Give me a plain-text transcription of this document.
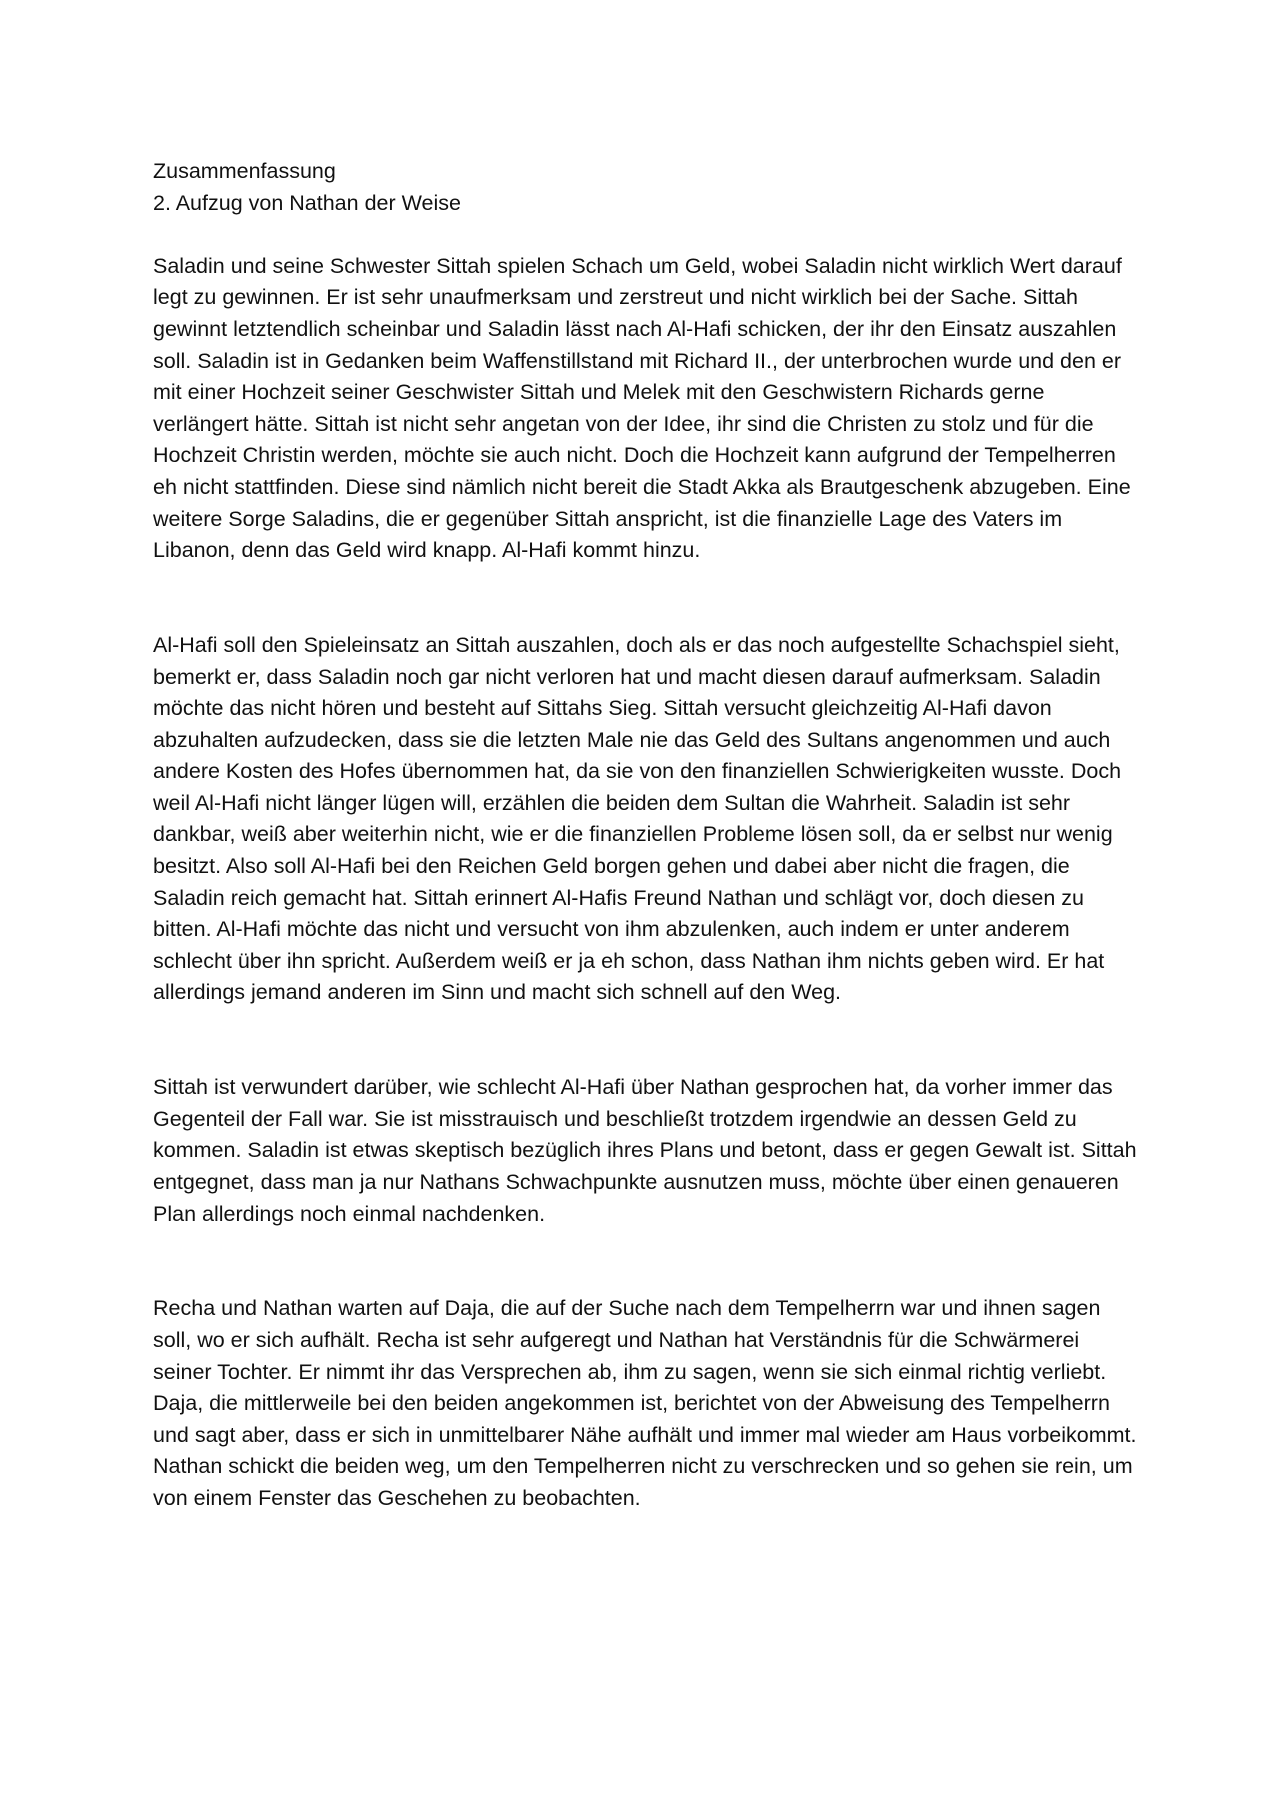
Zusammenfassung

2. Aufzug von Nathan der Weise

Saladin und seine Schwester Sittah spielen Schach um Geld, wobei Saladin nicht wirklich Wert darauf legt zu gewinnen. Er ist sehr unaufmerksam und zerstreut und nicht wirklich bei der Sache. Sittah gewinnt letztendlich scheinbar und Saladin lässt nach Al-Hafi schicken, der ihr den Einsatz auszahlen soll. Saladin ist in Gedanken beim Waffenstillstand mit Richard II., der unterbrochen wurde und den er mit einer Hochzeit seiner Geschwister Sittah und Melek mit den Geschwistern Richards gerne verlängert hätte. Sittah ist nicht sehr angetan von der Idee, ihr sind die Christen zu stolz und für die Hochzeit Christin werden, möchte sie auch nicht. Doch die Hochzeit kann aufgrund der Tempelherren eh nicht stattfinden. Diese sind nämlich nicht bereit die Stadt Akka als Brautgeschenk abzugeben. Eine weitere Sorge Saladins, die er gegenüber Sittah anspricht, ist die finanzielle Lage des Vaters im Libanon, denn das Geld wird knapp. Al-Hafi kommt hinzu.

Al-Hafi soll den Spieleinsatz an Sittah auszahlen, doch als er das noch aufgestellte Schachspiel sieht, bemerkt er, dass Saladin noch gar nicht verloren hat und macht diesen darauf aufmerksam. Saladin möchte das nicht hören und besteht auf Sittahs Sieg. Sittah versucht gleichzeitig Al-Hafi davon abzuhalten aufzudecken, dass sie die letzten Male nie das Geld des Sultans angenommen und auch andere Kosten des Hofes übernommen hat, da sie von den finanziellen Schwierigkeiten wusste. Doch weil Al-Hafi nicht länger lügen will, erzählen die beiden dem Sultan die Wahrheit. Saladin ist sehr dankbar, weiß aber weiterhin nicht, wie er die finanziellen Probleme lösen soll, da er selbst nur wenig besitzt. Also soll Al-Hafi bei den Reichen Geld borgen gehen und dabei aber nicht die fragen, die Saladin reich gemacht hat. Sittah erinnert Al-Hafis Freund Nathan und schlägt vor, doch diesen zu bitten. Al-Hafi möchte das nicht und versucht von ihm abzulenken, auch indem er unter anderem schlecht über ihn spricht. Außerdem weiß er ja eh schon, dass Nathan ihm nichts geben wird. Er hat allerdings jemand anderen im Sinn und macht sich schnell auf den Weg.

Sittah ist verwundert darüber, wie schlecht Al-Hafi über Nathan gesprochen hat, da vorher immer das Gegenteil der Fall war. Sie ist misstrauisch und beschließt trotzdem irgendwie an dessen Geld zu kommen. Saladin ist etwas skeptisch bezüglich ihres Plans und betont, dass er gegen Gewalt ist. Sittah entgegnet, dass man ja nur Nathans Schwachpunkte ausnutzen muss, möchte über einen genaueren Plan allerdings noch einmal nachdenken.

Recha und Nathan warten auf Daja, die auf der Suche nach dem Tempelherrn war und ihnen sagen soll, wo er sich aufhält. Recha ist sehr aufgeregt und Nathan hat Verständnis für die Schwärmerei seiner Tochter. Er nimmt ihr das Versprechen ab, ihm zu sagen, wenn sie sich einmal richtig verliebt. Daja, die mittlerweile bei den beiden angekommen ist, berichtet von der Abweisung des Tempelherrn und sagt aber, dass er sich in unmittelbarer Nähe aufhält und immer mal wieder am Haus vorbeikommt. Nathan schickt die beiden weg, um den Tempelherren nicht zu verschrecken und so gehen sie rein, um von einem Fenster das Geschehen zu beobachten.
